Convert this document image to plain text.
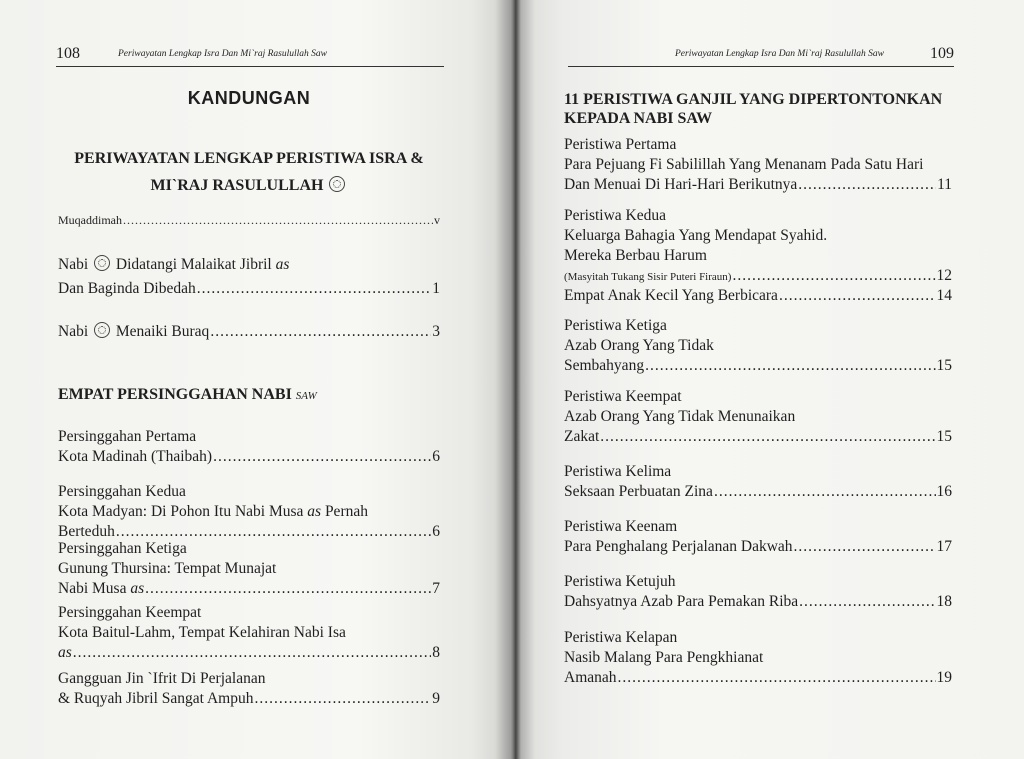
108	Periwayatan Lengkap Isra Dan Mi`raj Rasulullah Saw
KANDUNGAN
PERIWAYATAN LENGKAP PERISTIWA ISRA &
MI`RAJ RASULULLAH
Muqaddimah .....	v
Nabi Didatangi Malaikat Jibril as
Dan Baginda Dibedah .....	1
Nabi Menaiki Buraq .....	3
EMPAT PERSINGGAHAN NABI SAW
Persinggahan Pertama
Kota Madinah (Thaibah) .....	6
Persinggahan Kedua
Kota Madyan: Di Pohon Itu Nabi Musa as Pernah
Berteduh .....	6
Persinggahan Ketiga
Gunung Thursina: Tempat Munajat
Nabi Musa as .....	7
Persinggahan Keempat
Kota Baitul-Lahm, Tempat Kelahiran Nabi Isa
as .....	8
Gangguan Jin `Ifrit Di Perjalanan
& Ruqyah Jibril Sangat Ampuh .....	9
Periwayatan Lengkap Isra Dan Mi`raj Rasulullah Saw	109
11 PERISTIWA GANJIL YANG DIPERTONTONKAN
KEPADA NABI SAW
Peristiwa Pertama
Para Pejuang Fi Sabilillah Yang Menanam Pada Satu Hari
Dan Menuai Di Hari-Hari Berikutnya .....	11
Peristiwa Kedua
Keluarga Bahagia Yang Mendapat Syahid.
Mereka Berbau Harum
(Masyitah Tukang Sisir Puteri Firaun) .....	12
Empat Anak Kecil Yang Berbicara .....	14
Peristiwa Ketiga
Azab Orang Yang Tidak
Sembahyang .....	15
Peristiwa Keempat
Azab Orang Yang Tidak Menunaikan
Zakat .....	15
Peristiwa Kelima
Seksaan Perbuatan Zina .....	16
Peristiwa Keenam
Para Penghalang Perjalanan Dakwah .....	17
Peristiwa Ketujuh
Dahsyatnya Azab Para Pemakan Riba .....	18
Peristiwa Kelapan
Nasib Malang Para Pengkhianat
Amanah .....	19
